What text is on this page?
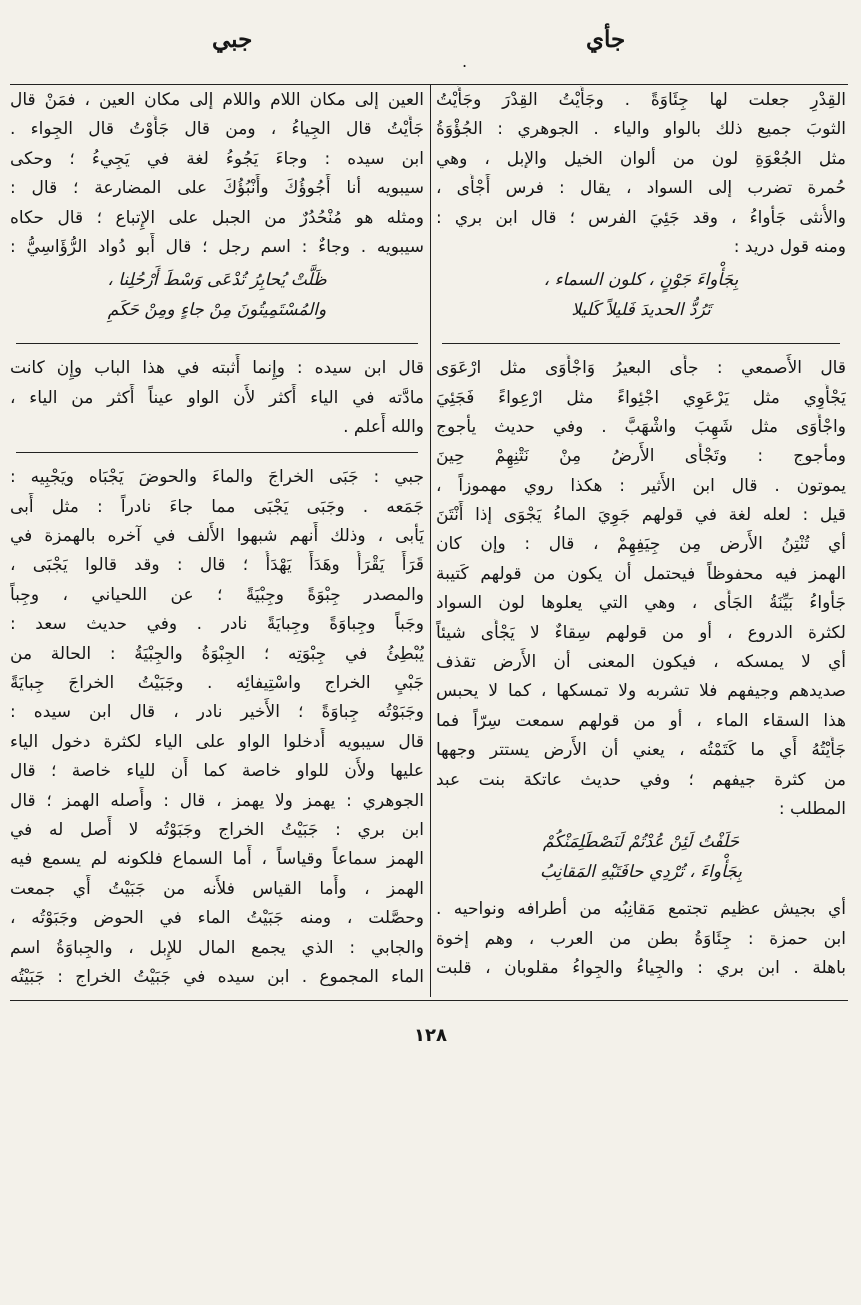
جأي
.
جبي
القِدْرِ جعلت لها جِئَاوَةً . وجَأَيْتُ القِدْرَ وجَأَيْتُ
الثوبَ جميع ذلك بالواو والياء . الجوهري : الجُؤْوَةُ
مثل الجُعْوَةِ لون من ألوان الخيل والإبل ، وهي
حُمرة تضرب إلى السواد ، يقال : فرس أَجْأَى ،
والأُنثى جَأْواءُ ، وقد جَئِيَ الفرس ؛ قال ابن بري :
ومنه قول دريد :
بِجَأْواءَ جَوْنٍ ، كلون السماء ،
تَرُدُّ الحديدَ فَليلاً كَليلا
قال الأَصمعي : جأَى البعيرُ وَاجْأَوَى مثل ارْعَوَى
يَجْأَوِي مثل يَرْعَوِي اجْئِواءً مثل ارْعِواءً فَجَئِيَ
واجْأَوَى مثل شَهِبَ واشْهَبَّ . وفي حديث يأجوج
ومأجوج : وتَجْأَى الأَرضُ مِنْ نَتْنِهِمْ حِينَ
يموتون . قال ابن الأَثير : هكذا روي مهموزاً ،
قيل : لعله لغة في قولهم جَوِيَ الماءُ يَجْوَى إذا أَنْتَنَ
أي تُنْتِنُ الأَرض مِن جِيَفِهِمْ ، قال : وإن كان
الهمز فيه محفوظاً فيحتمل أن يكون من قولهم كَتيبة
جَأْواءُ بَيِّنَةُ الجَأَى ، وهي التي يعلوها لون السواد
لكثرة الدروع ، أو من قولهم سِقاءٌ لا يَجْأَى شيئاً
أي لا يمسكه ، فيكون المعنى أن الأَرض تقذف
صديدهم وجيفهم فلا تشربه ولا تمسكها ، كما لا يحبس
هذا السقاء الماء ، أو من قولهم سمعت سِرّاً فما
جَأَيْتُهُ أَي ما كَتَمْتُه ، يعني أن الأَرض يستتر وجهها
من كثرة جيفهم ؛ وفي حديث عاتكة بنت عبد
المطلب :
حَلَفْتُ لَئِنْ عُدْتُمْ لَنَصْطَلِمَنْكُمْ
بِجَأْواءَ ، تُرْدِي حافَتَيْهِ المَقانِبُ
أي بجيش عظيم تجتمع مَقانِبُه من أطرافه ونواحيه .
ابن حمزة : جِئَاوَةُ بطن من العرب ، وهم إخوة
باهلة . ابن بري : والجِياءُ والجِواءُ مقلوبان ، قلبت
العين إلى مكان اللام واللام إلى مكان العين ، فمَنْ قال
جَأَيْتُ قال الجِياءُ ، ومن قال جَأَوْتُ قال الجِواء .
ابن سيده : وجاءَ يَجُوءُ لغة في يَجِيءُ ؛ وحكى
سيبويه أنا أَجُوؤُكَ وأَنْبُؤُكَ على المضارعة ؛ قال :
ومثله هو مُنْحُدُرٌ من الجبل على الإِتباع ؛ قال حكاه
سيبويه . وجاءٌ : اسم رجل ؛ قال أَبو دُواد الرُّؤَاسِيُّ :
ظَلَّتْ يُحابِرُ تُدْعَى وَسْطَ أَرْحُلِنا ،
والمُسْتَمِيتُونَ مِنْ جاءٍ ومِنْ حَكَمِ
قال ابن سيده : وإِنما أَثبته في هذا الباب وإِن كانت
مادَّته في الياء أَكثر لأَن الواو عيناً أَكثر من الياء ،
والله أَعلم .
جبي : جَبَى الخراجَ والماءَ والحوضَ يَجْبَاه ويَجْبِيه :
جَمَعه . وجَبَى يَجْبَى مما جاءَ نادراً : مثل أَبى
يَأْبى ، وذلك أَنهم شبهوا الأَلف في آخره بالهمزة في
قَرَأَ يَقْرَأُ وهَدَأَ يَهْدَأُ ؛ قال : وقد قالوا يَجْبَى ،
والمصدر جِبْوَةً وجِبْيَةً ؛ عن اللحياني ، وجِباً
وجَباً وجِباوَةً وجِبايَةً نادر . وفي حديث سعد :
يُبْطِئُ في جِبْوَتِه ؛ الجِبْوَةُ والجِبْيَةُ : الحالة من
جَبْيِ الخراج واسْتِيفائِه . وجَبَيْتُ الخراجَ جِبايَةً
وجَبَوْتُه جِباوَةً ؛ الأَخير نادر ، قال ابن سيده :
قال سيبويه أَدخلوا الواو على الياء لكثرة دخول الياء
عليها ولأَن للواو خاصة كما أَن للياء خاصة ؛ قال
الجوهري : يهمز ولا يهمز ، قال : وأَصله الهمز ؛ قال
ابن بري : جَبَيْتُ الخراج وجَبَوْتُه لا أَصل له في
الهمز سماعاً وقياساً ، أَما السماع فلكونه لم يسمع فيه
الهمز ، وأَما القياس فلأَنه من جَبَيْتُ أَي جمعت
وحصَّلت ، ومنه جَبَيْتُ الماء في الحوض وجَبَوْتُه ،
والجابي : الذي يجمع المال للإِبل ، والجِباوَةُ اسم
الماء المجموع . ابن سيده في جَبَيْتُ الخراج : جَبَيْتُه
١٢٨
